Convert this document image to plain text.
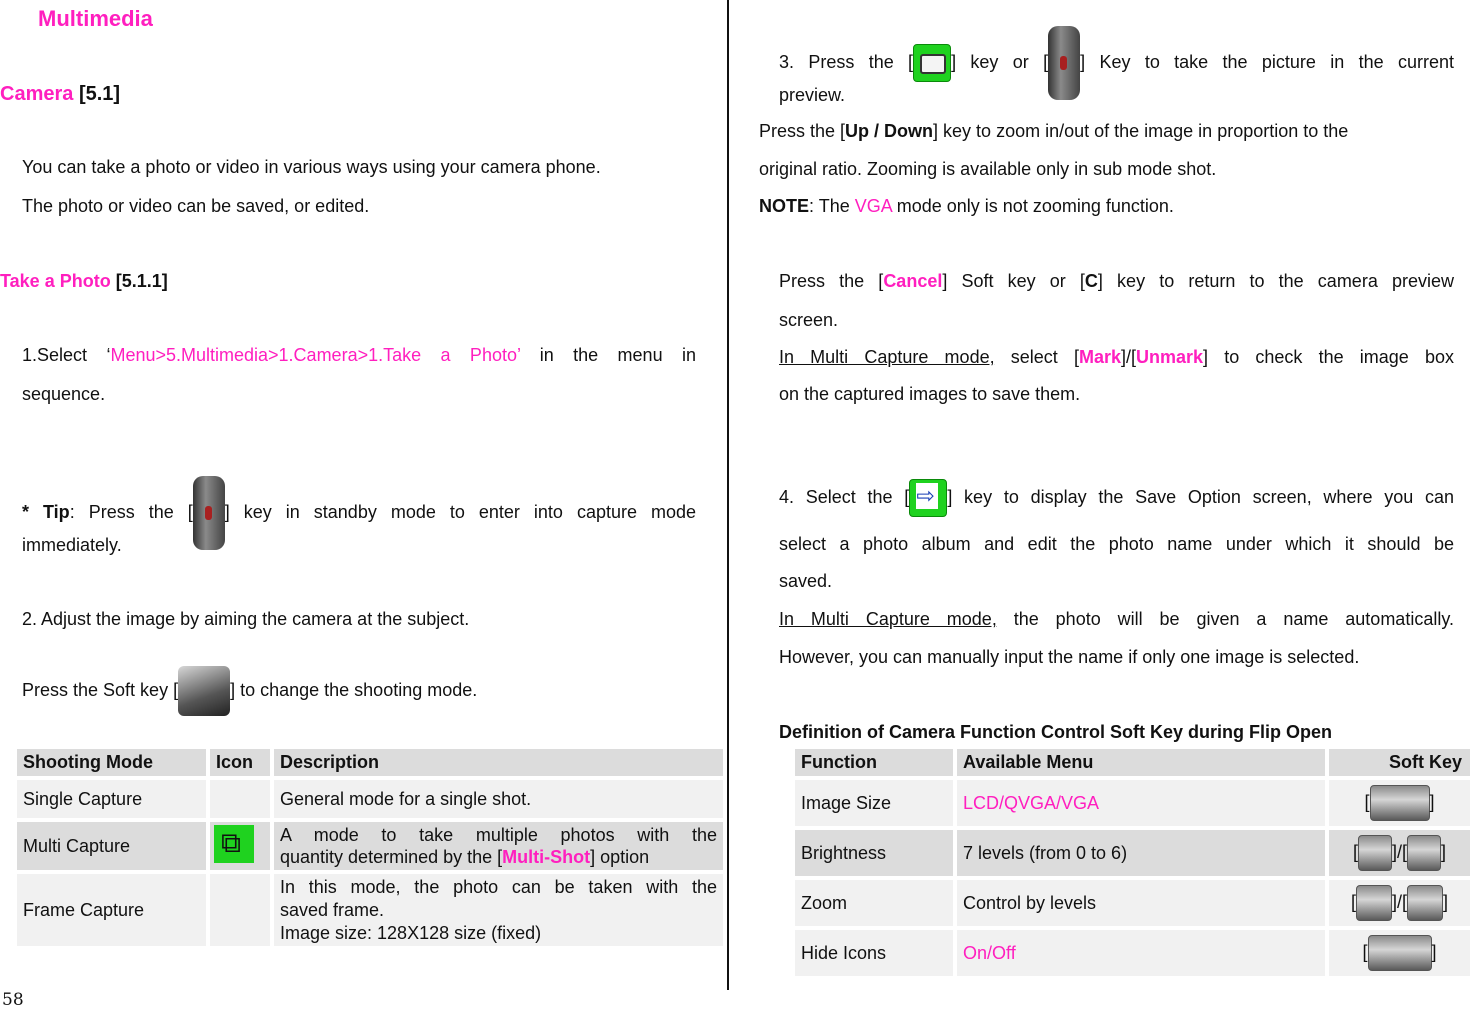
Multimedia
Camera [5.1]
You can take a photo or video in various ways using your camera phone.
The photo or video can be saved, or edited.
Take a Photo [5.1.1]
1.Select ‘Menu>5.Multimedia>1.Camera>1.Take a Photo’ in the menu in
sequence.
* Tip: Press the [ ] key in standby mode to enter into capture mode
immediately.
2. Adjust the image by aiming the camera at the subject.
Press the Soft key [	] to change the shooting mode.
Shooting Mode	Icon	Description
Single Capture		General mode for a single shot.
Multi Capture	⧉	A mode to take multiple photos with the
quantity determined by the [Multi-Shot] option

Frame Capture		In this mode, the photo can be taken with the
saved frame.
Image size: 128X128 size (fixed)
58
3. Press the [ ] key or [ ] Key to take the picture in the current
preview.
Press the [Up / Down] key to zoom in/out of the image in proportion to the
original ratio. Zooming is available only in sub mode shot.
NOTE: The VGA mode only is not zooming function.
Press the [Cancel] Soft key or [C] key to return to the camera preview
screen.
In Multi Capture mode, select [Mark]/[Unmark] to check the image box
on the captured images to save them.
4. Select the [ ⇨ ] key to display the Save Option screen, where you can
select a photo album and edit the photo name under which it should be
saved.
In Multi Capture mode, the photo will be given a name automatically.
However, you can manually input the name if only one image is selected.
Definition of Camera Function Control Soft Key during Flip Open
Function	Available Menu	Soft Key
Image Size	LCD/QVGA/VGA	[ ]
Brightness	7 levels (from 0 to 6)	[ ]/[ ]
Zoom	Control by levels	[ ]/[ ]
Hide Icons	On/Off	[ ]
